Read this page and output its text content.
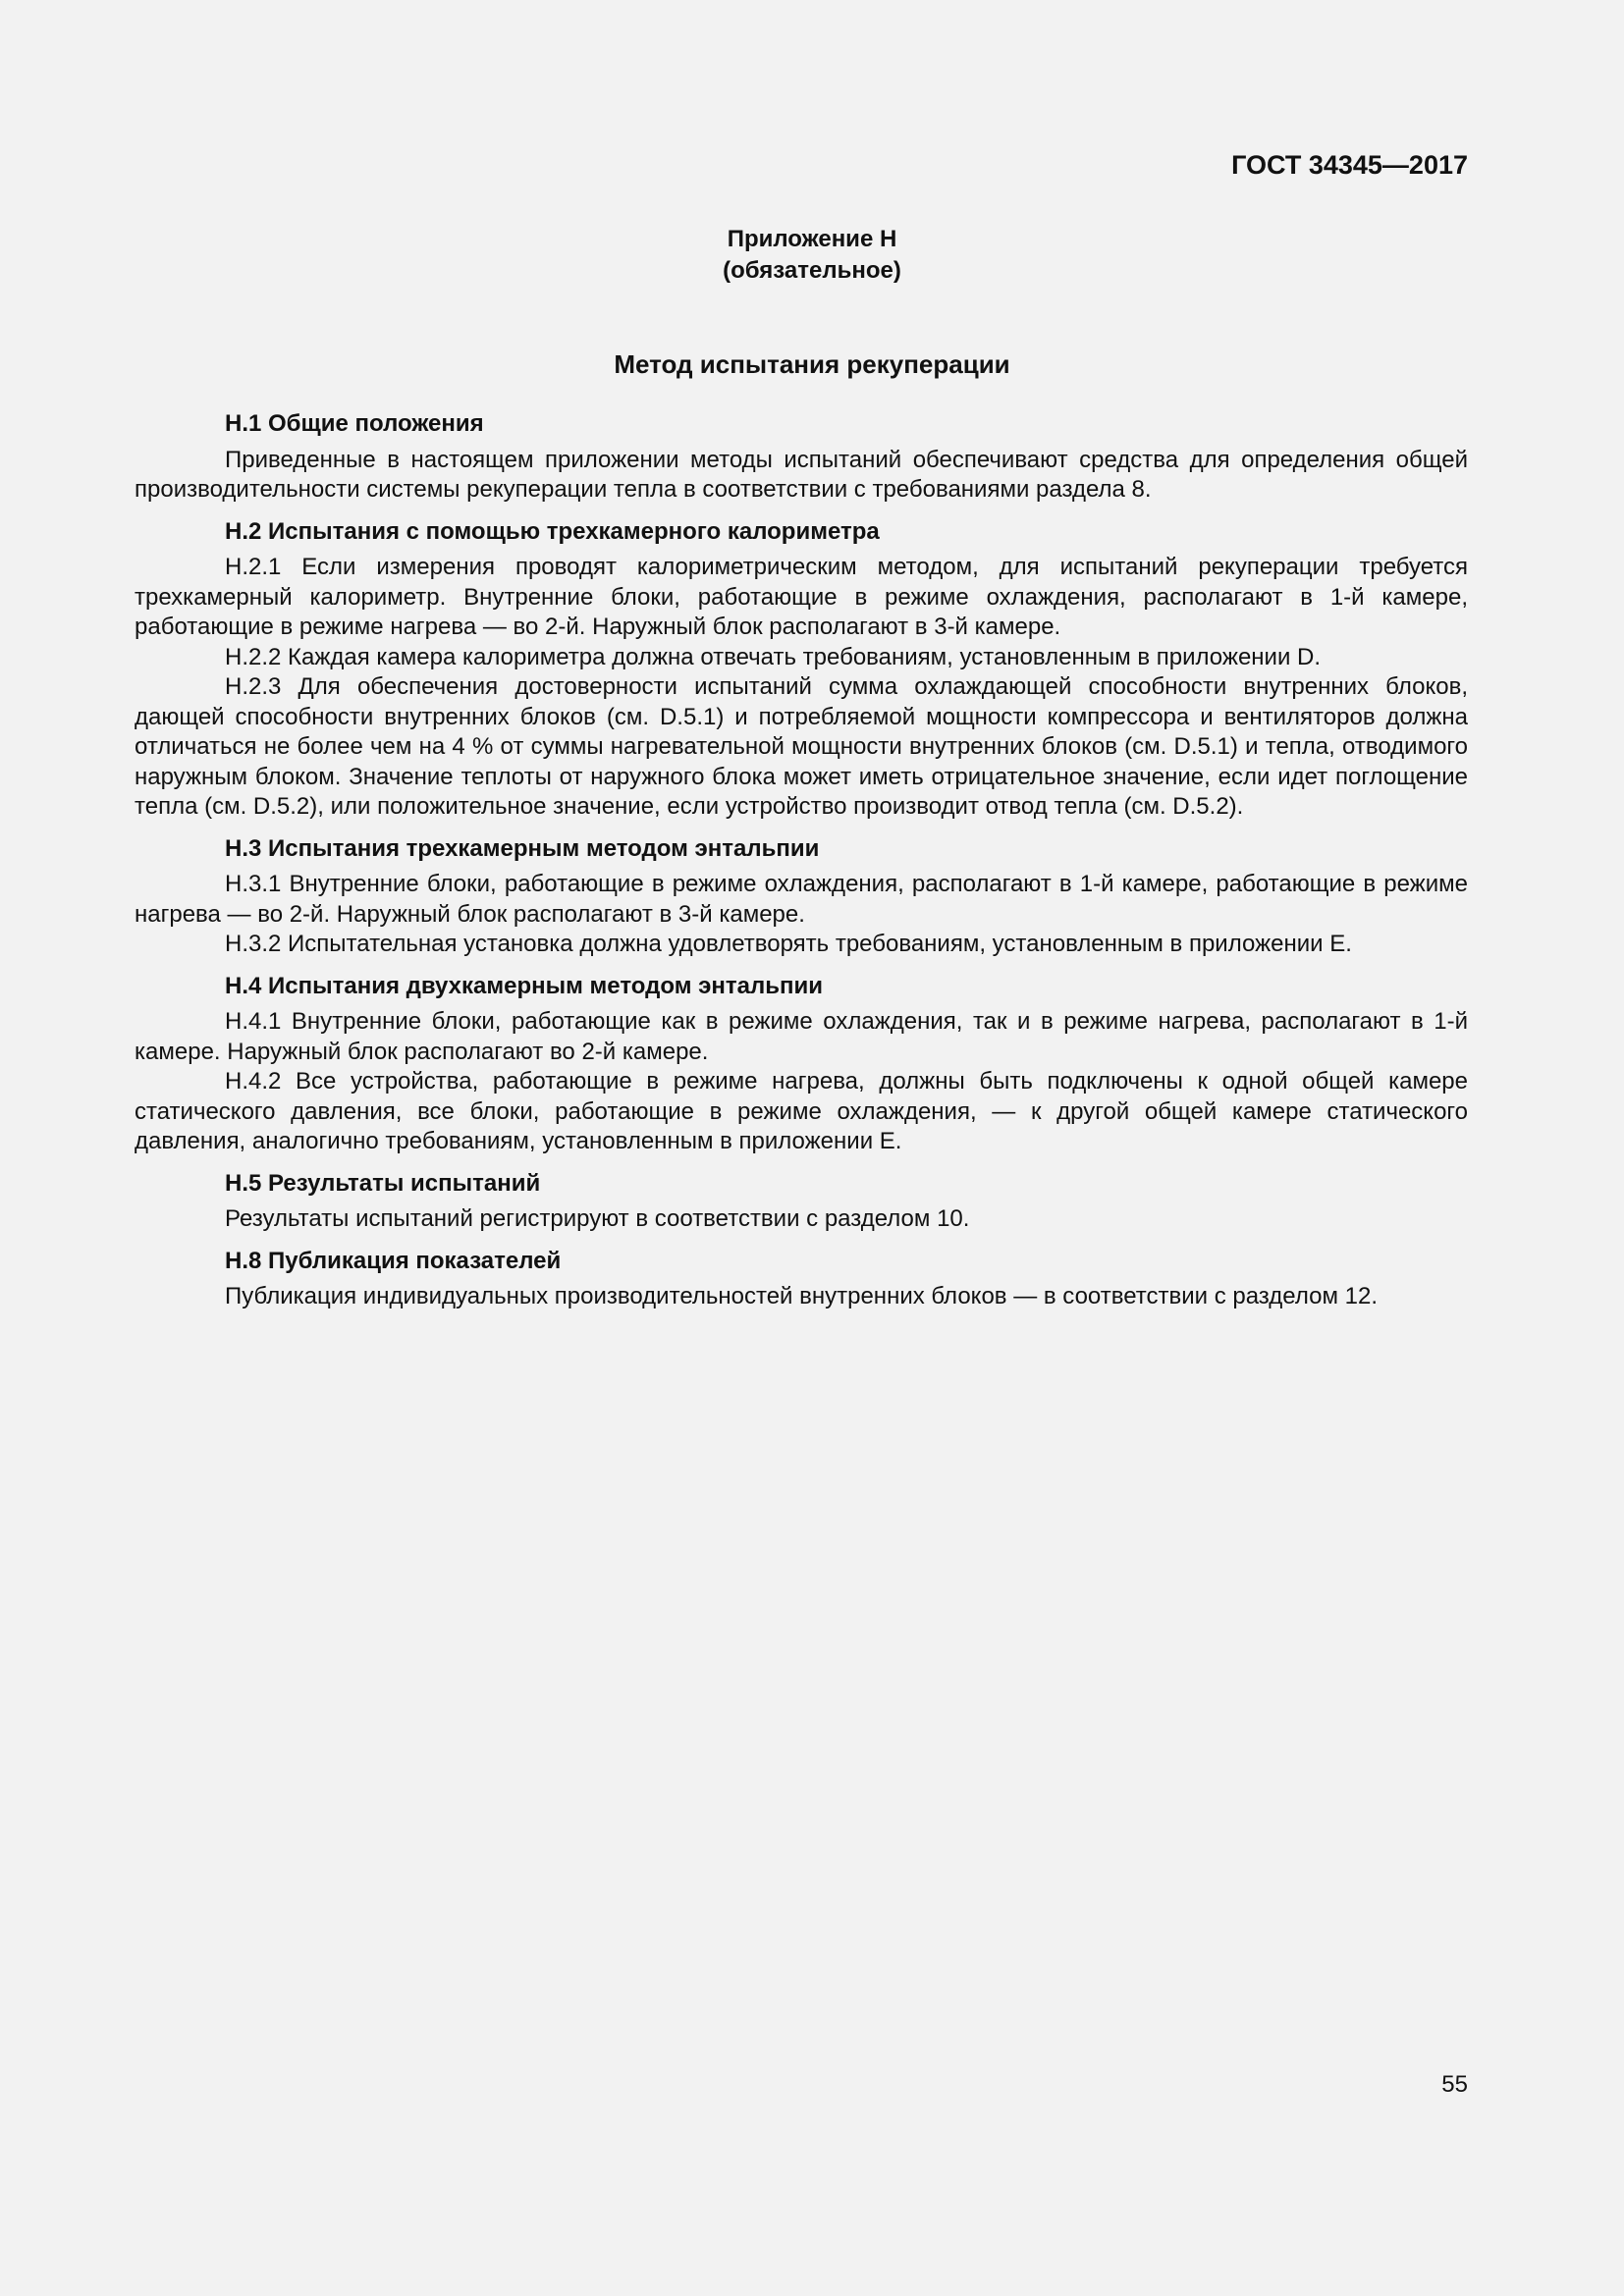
ГОСТ 34345—2017
Приложение Н
(обязательное)
Метод испытания рекуперации
Н.1 Общие положения

Приведенные в настоящем приложении методы испытаний обеспечивают средства для определения общей производительности системы рекуперации тепла в соответствии с требованиями раздела 8.

Н.2 Испытания с помощью трехкамерного калориметра

Н.2.1 Если измерения проводят калориметрическим методом, для испытаний рекуперации требуется трехкамерный калориметр. Внутренние блоки, работающие в режиме охлаждения, располагают в 1-й камере, работающие в режиме нагрева — во 2-й. Наружный блок располагают в 3-й камере.

Н.2.2 Каждая камера калориметра должна отвечать требованиям, установленным в приложении D.

Н.2.3 Для обеспечения достоверности испытаний сумма охлаждающей способности внутренних блоков, дающей способности внутренних блоков (см. D.5.1) и потребляемой мощности компрессора и вентиляторов должна отличаться не более чем на 4 % от суммы нагревательной мощности внутренних блоков (см. D.5.1) и тепла, отводимого наружным блоком. Значение теплоты от наружного блока может иметь отрицательное значение, если идет поглощение тепла (см. D.5.2), или положительное значение, если устройство производит отвод тепла (см. D.5.2).

Н.3 Испытания трехкамерным методом энтальпии

Н.3.1 Внутренние блоки, работающие в режиме охлаждения, располагают в 1-й камере, работающие в режиме нагрева — во 2-й. Наружный блок располагают в 3-й камере.

Н.3.2 Испытательная установка должна удовлетворять требованиям, установленным в приложении Е.

Н.4 Испытания двухкамерным методом энтальпии

Н.4.1 Внутренние блоки, работающие как в режиме охлаждения, так и в режиме нагрева, располагают в 1-й камере. Наружный блок располагают во 2-й камере.

Н.4.2 Все устройства, работающие в режиме нагрева, должны быть подключены к одной общей камере статического давления, все блоки, работающие в режиме охлаждения, — к другой общей камере статического давления, аналогично требованиям, установленным в приложении Е.

Н.5 Результаты испытаний

Результаты испытаний регистрируют в соответствии с разделом 10.

Н.8 Публикация показателей

Публикация индивидуальных производительностей внутренних блоков — в соответствии с разделом 12.

55
